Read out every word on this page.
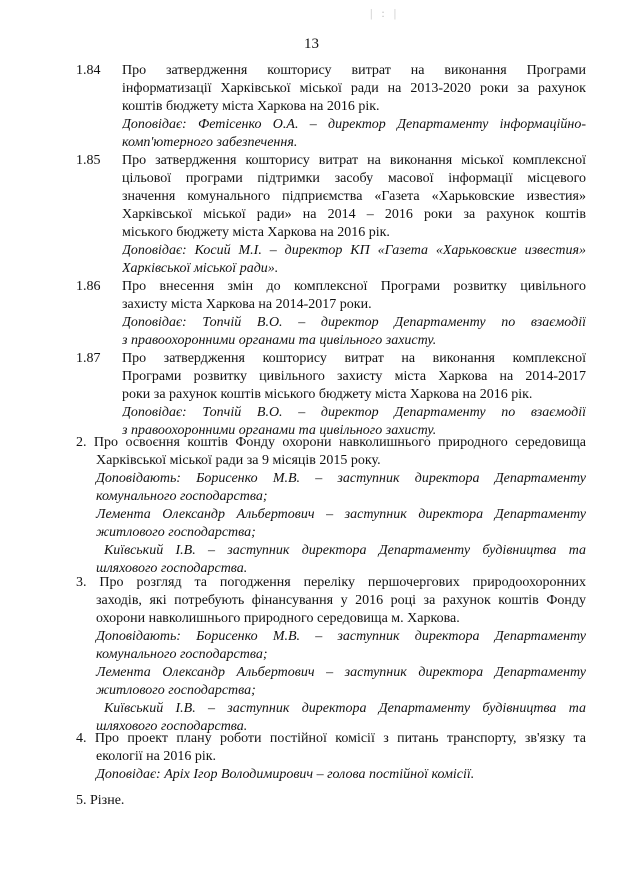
| : |
13
1.84 Про затвердження кошторису витрат на виконання Програми
інформатизації Харківської міської ради на 2013-2020 роки за рахунок
коштів бюджету міста Харкова на 2016 рік.
Доповідає: Фетісенко О.А. – директор Департаменту інформаційно-
комп'ютерного забезпечення.
1.85 Про затвердження кошторису витрат на виконання міської комплексної
цільової програми підтримки засобу масової інформації місцевого
значення комунального підприємства «Газета «Харьковские известия»
Харківської міської ради» на 2014 – 2016 роки за рахунок коштів
міського бюджету міста Харкова на 2016 рік.
Доповідає: Косий М.І. – директор КП «Газета «Харьковские известия»
Харківської міської ради».
1.86 Про внесення змін до комплексної Програми розвитку цивільного
захисту міста Харкова на 2014-2017 роки.
Доповідає: Топчій В.О. – директор Департаменту по взаємодії
з правоохоронними органами та цивільного захисту.
1.87 Про затвердження кошторису витрат на виконання комплексної
Програми розвитку цивільного захисту міста Харкова на 2014-2017
роки за рахунок коштів міського бюджету міста Харкова на 2016 рік.
Доповідає: Топчій В.О. – директор Департаменту по взаємодії
з правоохоронними органами та цивільного захисту.
2. Про освоєння коштів Фонду охорони навколишнього природного середовища
Харківської міської ради за 9 місяців 2015 року.
Доповідають: Борисенко М.В. – заступник директора Департаменту
комунального господарства;
Лемента Олександр Альбертович – заступник директора Департаменту
житлового господарства;
Київський І.В. – заступник директора Департаменту будівництва та
шляхового господарства.
3. Про розгляд та погодження переліку першочергових природоохоронних
заходів, які потребують фінансування у 2016 році за рахунок коштів Фонду
охорони навколишнього природного середовища м. Харкова.
Доповідають: Борисенко М.В. – заступник директора Департаменту
комунального господарства;
Лемента Олександр Альбертович – заступник директора Департаменту
житлового господарства;
Київський І.В. – заступник директора Департаменту будівництва та
шляхового господарства.
4. Про проект плану роботи постійної комісії з питань транспорту, зв'язку та
екології на 2016 рік.
Доповідає: Аріх Ігор Володимирович – голова постійної комісії.
5. Різне.
